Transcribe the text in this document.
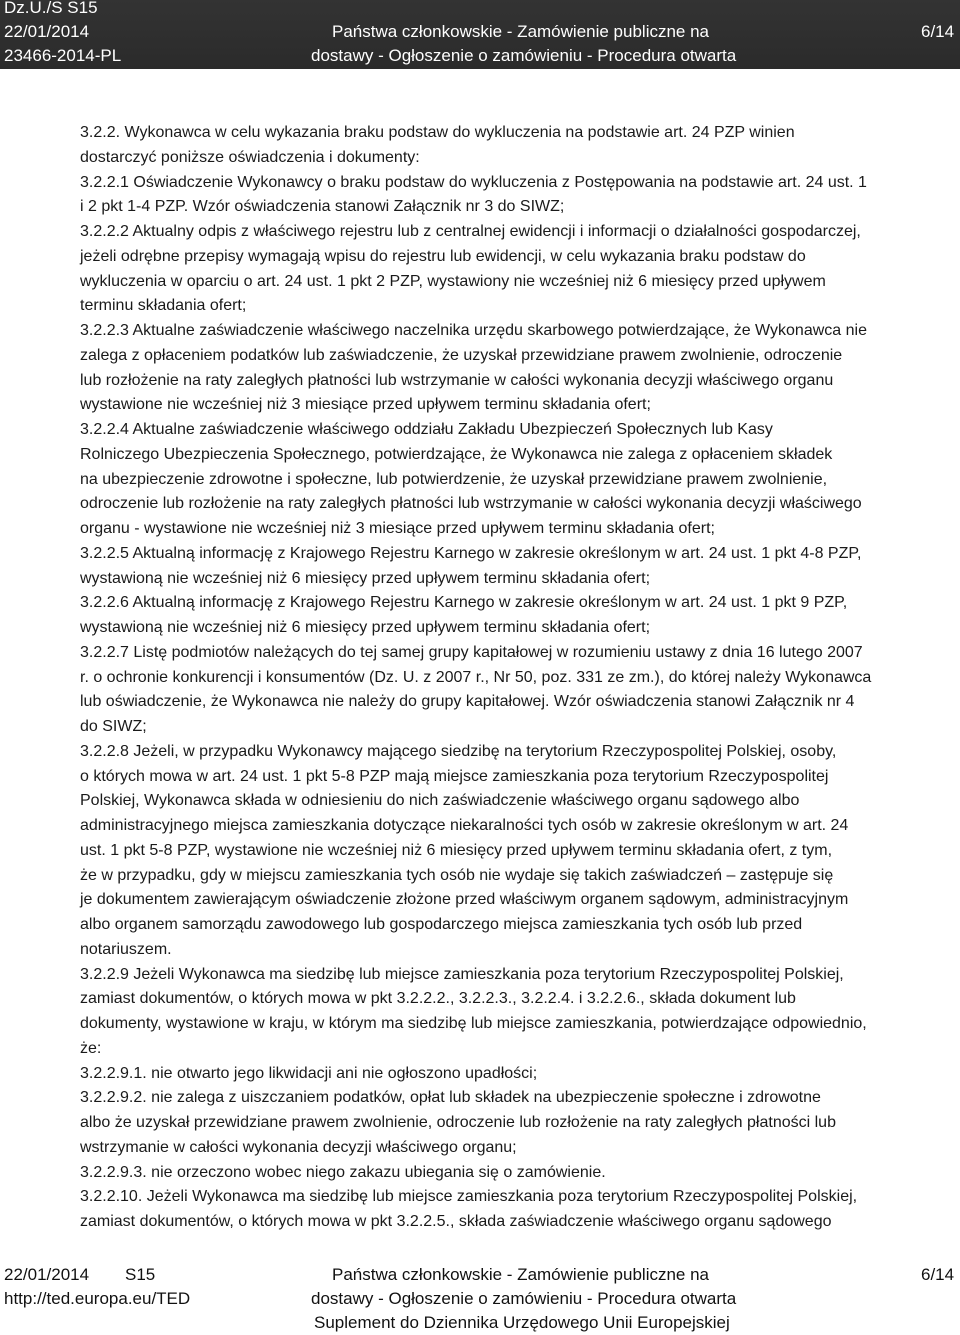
Dz.U./S S15
22/01/2014
23466-2014-PL
Państwa członkowskie - Zamówienie publiczne na
dostawy - Ogłoszenie o zamówieniu - Procedura otwarta
6/14
3.2.2. Wykonawca w celu wykazania braku podstaw do wykluczenia na podstawie art. 24 PZP winien
dostarczyć poniższe oświadczenia i dokumenty:
3.2.2.1 Oświadczenie Wykonawcy o braku podstaw do wykluczenia z Postępowania na podstawie art. 24 ust. 1
i 2 pkt 1-4 PZP. Wzór oświadczenia stanowi Załącznik nr 3 do SIWZ;
3.2.2.2 Aktualny odpis z właściwego rejestru lub z centralnej ewidencji i informacji o działalności gospodarczej,
jeżeli odrębne przepisy wymagają wpisu do rejestru lub ewidencji, w celu wykazania braku podstaw do
wykluczenia w oparciu o art. 24 ust. 1 pkt 2 PZP, wystawiony nie wcześniej niż 6 miesięcy przed upływem
terminu składania ofert;
3.2.2.3 Aktualne zaświadczenie właściwego naczelnika urzędu skarbowego potwierdzające, że Wykonawca nie
zalega z opłaceniem podatków lub zaświadczenie, że uzyskał przewidziane prawem zwolnienie, odroczenie
lub rozłożenie na raty zaległych płatności lub wstrzymanie w całości wykonania decyzji właściwego organu
wystawione nie wcześniej niż 3 miesiące przed upływem terminu składania ofert;
3.2.2.4 Aktualne zaświadczenie właściwego oddziału Zakładu Ubezpieczeń Społecznych lub Kasy
Rolniczego Ubezpieczenia Społecznego, potwierdzające, że Wykonawca nie zalega z opłaceniem składek
na ubezpieczenie zdrowotne i społeczne, lub potwierdzenie, że uzyskał przewidziane prawem zwolnienie,
odroczenie lub rozłożenie na raty zaległych płatności lub wstrzymanie w całości wykonania decyzji właściwego
organu - wystawione nie wcześniej niż 3 miesiące przed upływem terminu składania ofert;
3.2.2.5 Aktualną informację z Krajowego Rejestru Karnego w zakresie określonym w art. 24 ust. 1 pkt 4-8 PZP,
wystawioną nie wcześniej niż 6 miesięcy przed upływem terminu składania ofert;
3.2.2.6 Aktualną informację z Krajowego Rejestru Karnego w zakresie określonym w art. 24 ust. 1 pkt 9 PZP,
wystawioną nie wcześniej niż 6 miesięcy przed upływem terminu składania ofert;
3.2.2.7 Listę podmiotów należących do tej samej grupy kapitałowej w rozumieniu ustawy z dnia 16 lutego 2007
r. o ochronie konkurencji i konsumentów (Dz. U. z 2007 r., Nr 50, poz. 331 ze zm.), do której należy Wykonawca
lub oświadczenie, że Wykonawca nie należy do grupy kapitałowej. Wzór oświadczenia stanowi Załącznik nr 4
do SIWZ;
3.2.2.8 Jeżeli, w przypadku Wykonawcy mającego siedzibę na terytorium Rzeczypospolitej Polskiej, osoby,
o których mowa w art. 24 ust. 1 pkt 5-8 PZP mają miejsce zamieszkania poza terytorium Rzeczypospolitej
Polskiej, Wykonawca składa w odniesieniu do nich zaświadczenie właściwego organu sądowego albo
administracyjnego miejsca zamieszkania dotyczące niekaralności tych osób w zakresie określonym w art. 24
ust. 1 pkt 5-8 PZP, wystawione nie wcześniej niż 6 miesięcy przed upływem terminu składania ofert, z tym,
że w przypadku, gdy w miejscu zamieszkania tych osób nie wydaje się takich zaświadczeń – zastępuje się
je dokumentem zawierającym oświadczenie złożone przed właściwym organem sądowym, administracyjnym
albo organem samorządu zawodowego lub gospodarczego miejsca zamieszkania tych osób lub przed
notariuszem.
3.2.2.9 Jeżeli Wykonawca ma siedzibę lub miejsce zamieszkania poza terytorium Rzeczypospolitej Polskiej,
zamiast dokumentów, o których mowa w pkt 3.2.2.2., 3.2.2.3., 3.2.2.4. i 3.2.2.6., składa dokument lub
dokumenty, wystawione w kraju, w którym ma siedzibę lub miejsce zamieszkania, potwierdzające odpowiednio,
że:
3.2.2.9.1. nie otwarto jego likwidacji ani nie ogłoszono upadłości;
3.2.2.9.2. nie zalega z uiszczaniem podatków, opłat lub składek na ubezpieczenie społeczne i zdrowotne
albo że uzyskał przewidziane prawem zwolnienie, odroczenie lub rozłożenie na raty zaległych płatności lub
wstrzymanie w całości wykonania decyzji właściwego organu;
3.2.2.9.3. nie orzeczono wobec niego zakazu ubiegania się o zamówienie.
3.2.2.10. Jeżeli Wykonawca ma siedzibę lub miejsce zamieszkania poza terytorium Rzeczypospolitej Polskiej,
zamiast dokumentów, o których mowa w pkt 3.2.2.5., składa zaświadczenie właściwego organu sądowego
22/01/2014 S15
http://ted.europa.eu/TED
Państwa członkowskie - Zamówienie publiczne na
dostawy - Ogłoszenie o zamówieniu - Procedura otwarta
Suplement do Dziennika Urzędowego Unii Europejskiej
6/14
